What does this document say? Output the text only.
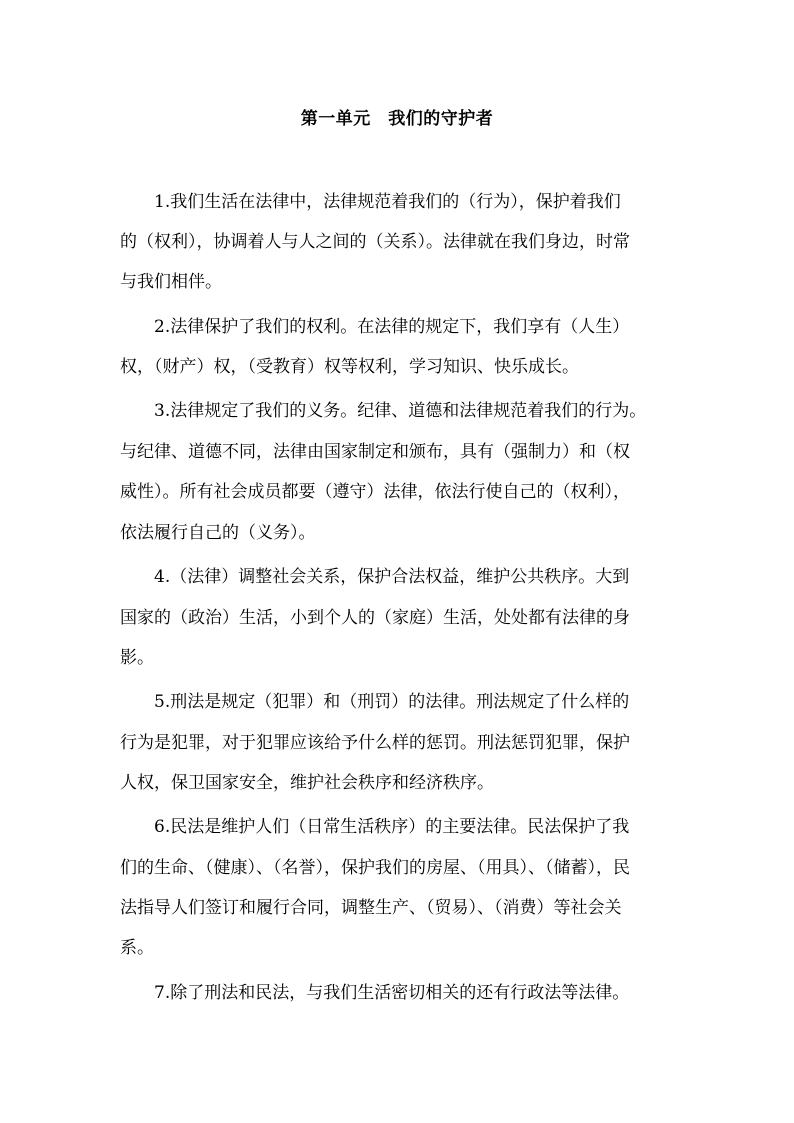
第一单元　我们的守护者
　　1.我们生活在法律中，法律规范着我们的（行为），保护着我们
的（权利），协调着人与人之间的（关系）。法律就在我们身边，时常
与我们相伴。
　　2.法律保护了我们的权利。在法律的规定下，我们享有（人生）
权，（财产）权，（受教育）权等权利，学习知识、快乐成长。
　　3.法律规定了我们的义务。纪律、道德和法律规范着我们的行为。
与纪律、道德不同，法律由国家制定和颁布，具有（强制力）和（权
威性）。所有社会成员都要（遵守）法律，依法行使自己的（权利），
依法履行自己的（义务）。
　　4.（法律）调整社会关系，保护合法权益，维护公共秩序。大到
国家的（政治）生活，小到个人的（家庭）生活，处处都有法律的身
影。
　　5.刑法是规定（犯罪）和（刑罚）的法律。刑法规定了什么样的
行为是犯罪，对于犯罪应该给予什么样的惩罚。刑法惩罚犯罪，保护
人权，保卫国家安全，维护社会秩序和经济秩序。
　　6.民法是维护人们（日常生活秩序）的主要法律。民法保护了我
们的生命、（健康）、（名誉），保护我们的房屋、（用具）、（储蓄），民
法指导人们签订和履行合同，调整生产、（贸易）、（消费）等社会关
系。
　　7.除了刑法和民法，与我们生活密切相关的还有行政法等法律。
